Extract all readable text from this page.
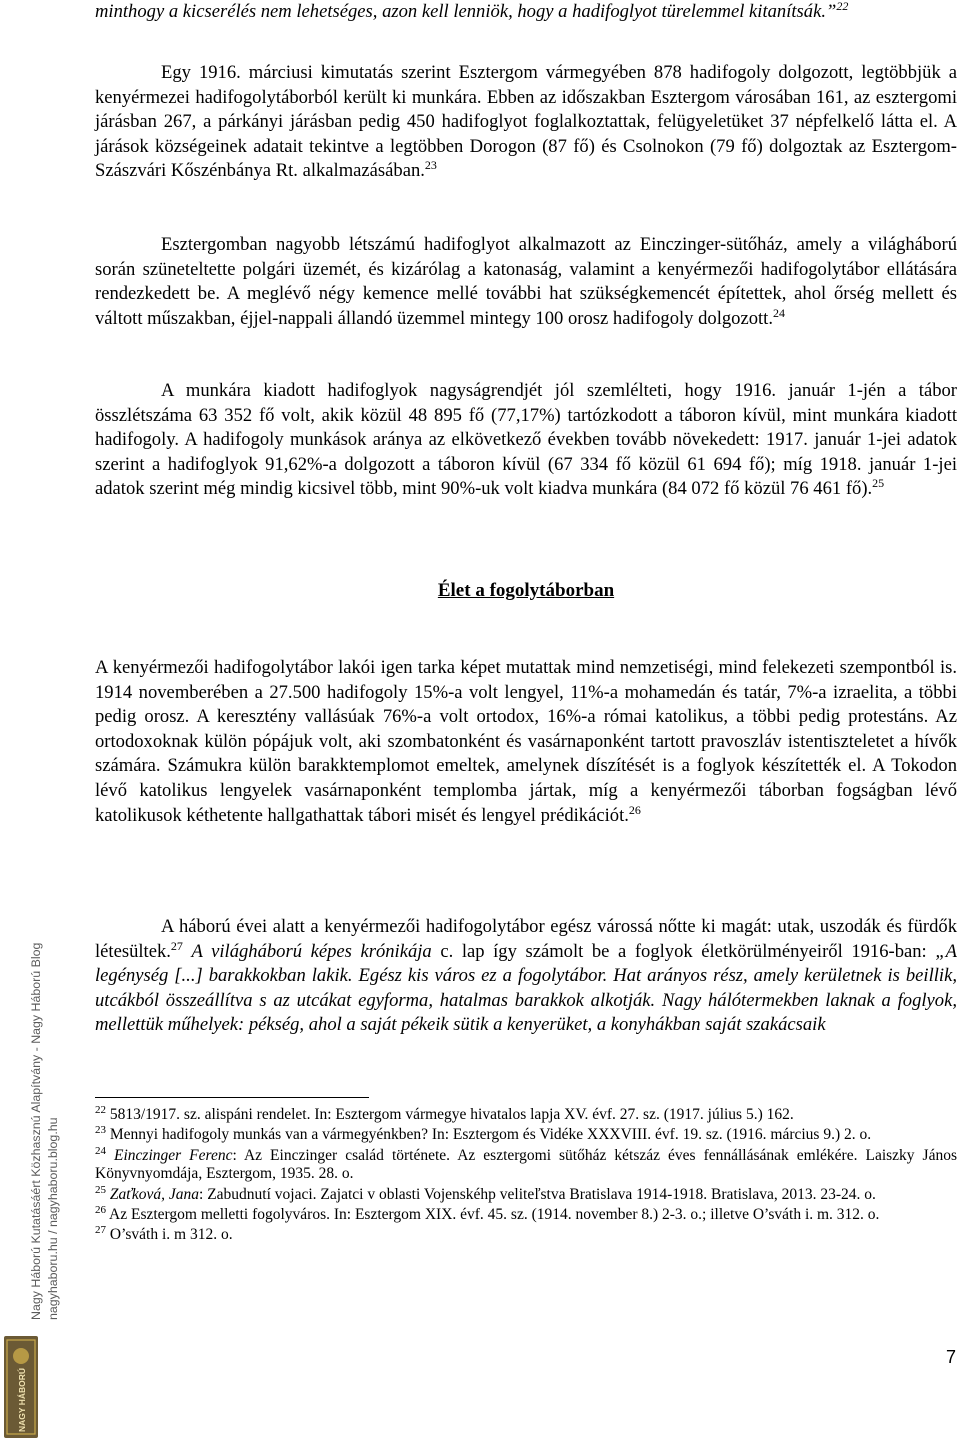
minthogy a kicserélés nem lehetséges, azon kell lenniök, hogy a hadifoglyot türelemmel kitanítsák.”$^{22}$

Egy 1916. márciusi kimutatás szerint Esztergom vármegyében 878 hadifogoly dolgozott, legtöbbjük a kenyérmezei hadifogolytáborból került ki munkára. Ebben az időszakban Esztergom városában 161, az esztergomi járásban 267, a párkányi járásban pedig 450 hadifoglyot foglalkoztattak, felügyeletüket 37 népfelkelő látta el. A járások községeinek adatait tekintve a legtöbben Dorogon (87 fő) és Csolnokon (79 fő) dolgoztak az Esztergom-Szászvári Kőszénbánya Rt. alkalmazásában.$^{23}$

Esztergomban nagyobb létszámú hadifoglyot alkalmazott az Einczinger-sütőház, amely a világháború során szüneteltette polgári üzemét, és kizárólag a katonaság, valamint a kenyérmezői hadifogolytábor ellátására rendezkedett be. A meglévő négy kemence mellé további hat szükségkemencét építettek, ahol őrség mellett és váltott műszakban, éjjel-nappali állandó üzemmel mintegy 100 orosz hadifogoly dolgozott.$^{24}$

A munkára kiadott hadifoglyok nagyságrendjét jól szemlélteti, hogy 1916. január 1-jén a tábor összlétszáma 63 352 fő volt, akik közül 48 895 fő (77,17%) tartózkodott a táboron kívül, mint munkára kiadott hadifogoly. A hadifogoly munkások aránya az elkövetkező években tovább növekedett: 1917. január 1-jei adatok szerint a hadifoglyok 91,62%-a dolgozott a táboron kívül (67 334 fő közül 61 694 fő); míg 1918. január 1-jei adatok szerint még mindig kicsivel több, mint 90%-uk volt kiadva munkára (84 072 fő közül 76 461 fő).$^{25}$

Élet a fogolytáborban

A kenyérmezői hadifogolytábor lakói igen tarka képet mutattak mind nemzetiségi, mind felekezeti szempontból is. 1914 novemberében a 27.500 hadifogoly 15%-a volt lengyel, 11%-a mohamedán és tatár, 7%-a izraelita, a többi pedig orosz. A keresztény vallásúak 76%-a volt ortodox, 16%-a római katolikus, a többi pedig protestáns. Az ortodoxoknak külön pópájuk volt, aki szombatonként és vasárnaponként tartott pravoszláv istentiszteletet a hívők számára. Számukra külön barakktemplomot emeltek, amelynek díszítését is a foglyok készítették el. A Tokodon lévő katolikus lengyelek vasárnaponként templomba jártak, míg a kenyérmezői táborban fogságban lévő katolikusok kéthetente hallgathattak tábori misét és lengyel prédikációt.$^{26}$

A háború évei alatt a kenyérmezői hadifogolytábor egész várossá nőtte ki magát: utak, uszodák és fürdők létesültek.$^{27}$ A világháború képes krónikája c. lap így számolt be a foglyok életkörülményeiről 1916-ban: „A legénység [...] barakkokban lakik. Egész kis város ez a fogolytábor. Hat arányos rész, amely kerületnek is beillik, utcákból összeállítva s az utcákat egyforma, hatalmas barakkok alkotják. Nagy hálótermekben laknak a foglyok, mellettük műhelyek: pékség, ahol a saját pékeik sütik a kenyerüket, a konyhákban saját szakácsaik

$^{22}$ 5813/1917. sz. alispáni rendelet. In: Esztergom vármegye hivatalos lapja XV. évf. 27. sz. (1917. július 5.) 162.

$^{23}$ Mennyi hadifogoly munkás van a vármegyénkben? In: Esztergom és Vidéke XXXVIII. évf. 19. sz. (1916. március 9.) 2. o.

$^{24}$ Einczinger Ferenc: Az Einczinger család története. Az esztergomi sütőház kétszáz éves fennállásának emlékére. Laiszky János Könyvnyomdája, Esztergom, 1935. 28. o.

$^{25}$ Zaťková, Jana: Zabudnutí vojaci. Zajatci v oblasti Vojenskéhp veliteľstva Bratislava 1914-1918. Bratislava, 2013. 23-24. o.

$^{26}$ Az Esztergom melletti fogolyváros. In: Esztergom XIX. évf. 45. sz. (1914. november 8.) 2-3. o.; illetve O’sváth i. m. 312. o.

$^{27}$ O’sváth i. m 312. o.

Nagy Háború Kutatásáért Közhasznú Alapítvány - Nagy Háború Blog nagyhaboru.hu / nagyhaboru.blog.hu
NAGY HÁBORÚ
7
